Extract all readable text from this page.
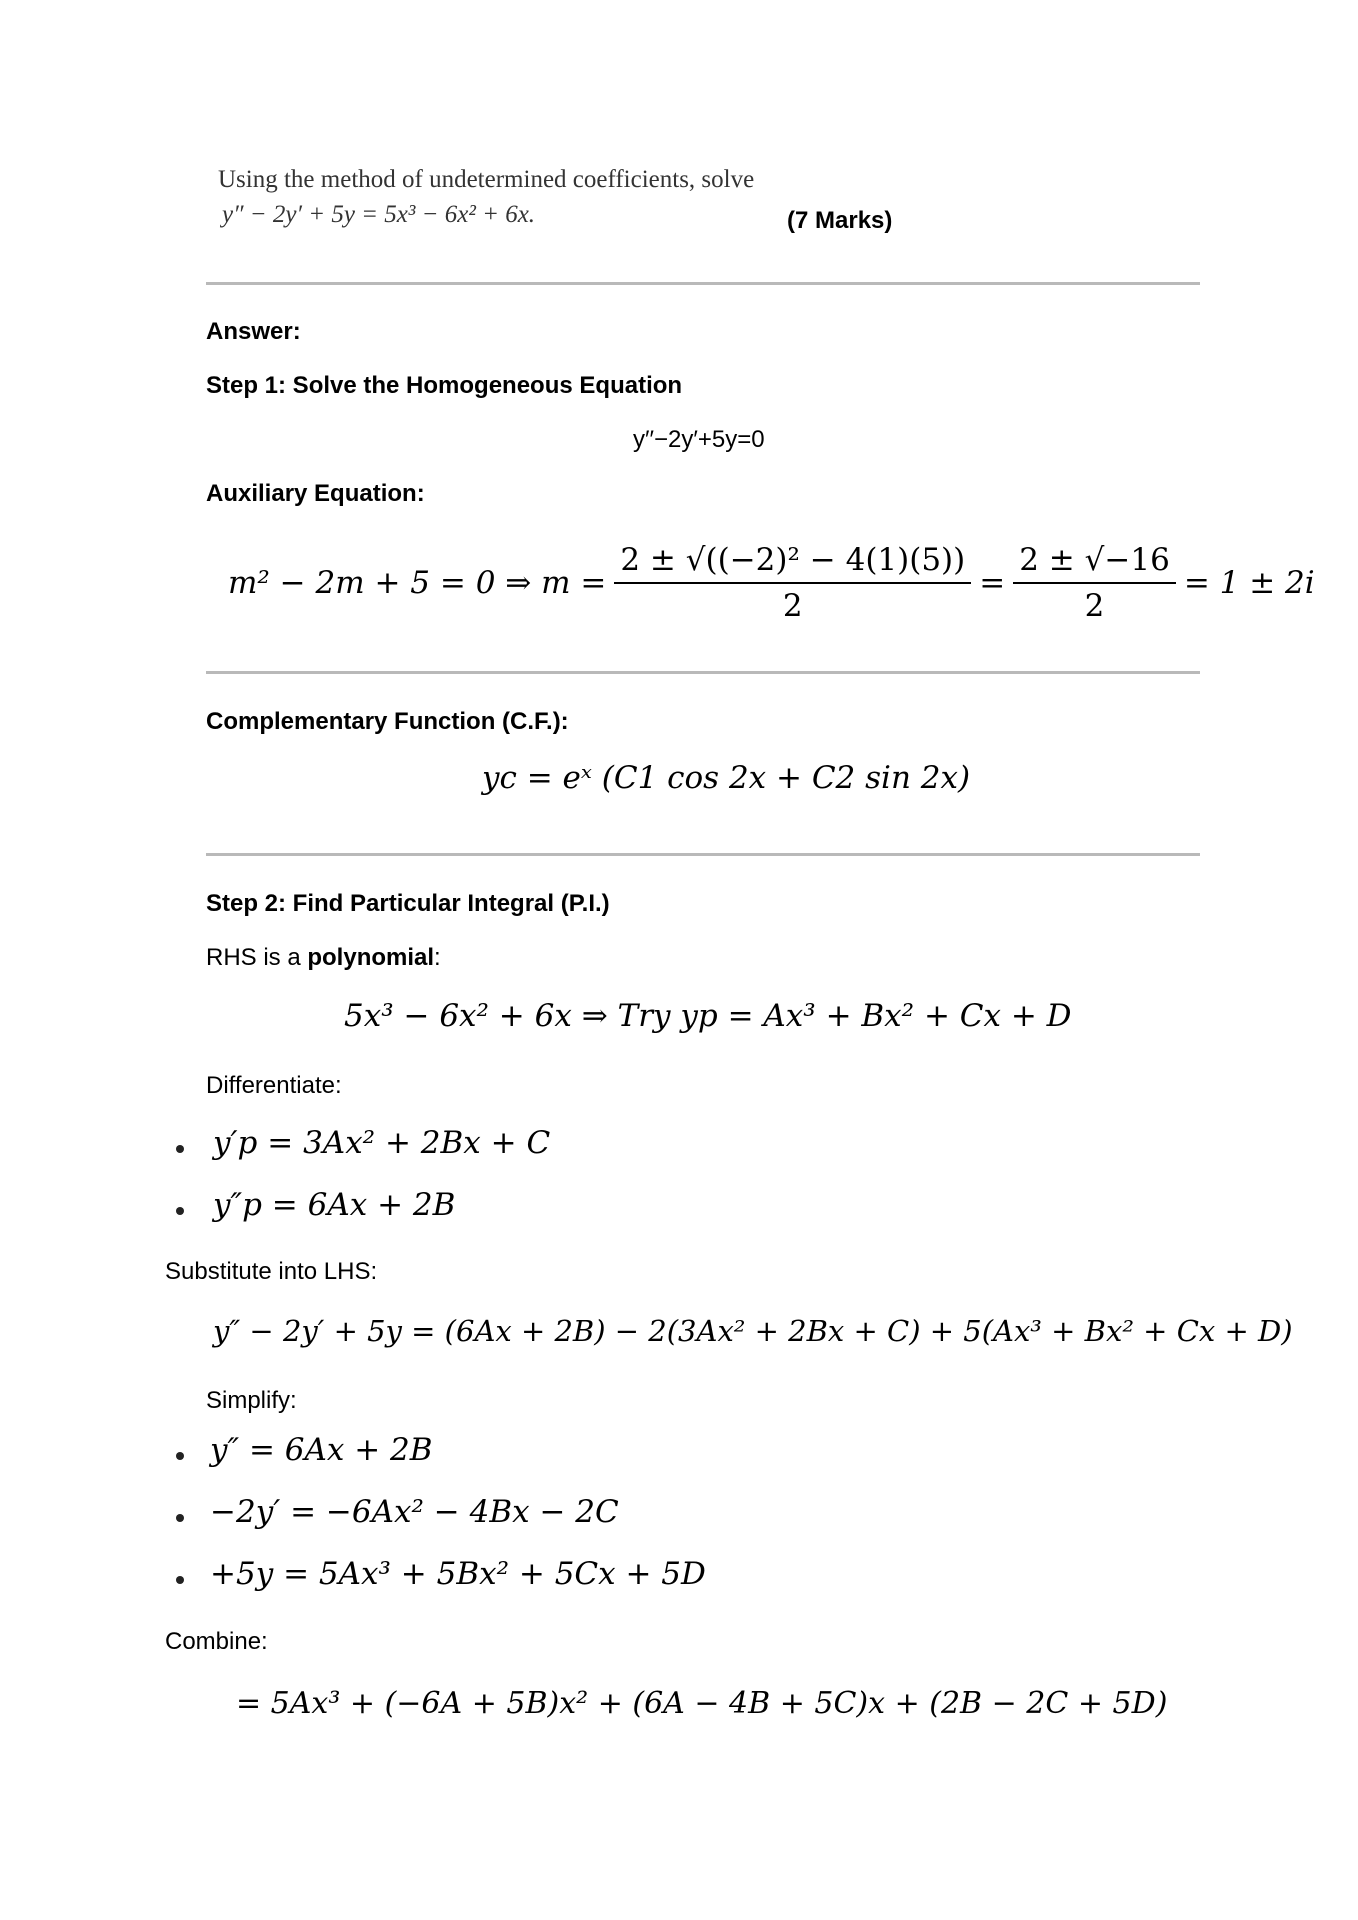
Using the method of undetermined coefficients, solve
y″ − 2y′ + 5y = 5x³ − 6x² + 6x.	(7 Marks)
Answer:
Step 1: Solve the Homogeneous Equation
y′′−2y′+5y=0
Auxiliary Equation:
m² − 2m + 5 = 0 ⇒ $m = \frac{\text{2 ± √((−2)² − 4(1)(5))}}{2} = \frac{2 \pm √-16}{2} = 1 \pm 2i$
Complementary Function (C.F.):
yc = eˣ (C1 cos 2x + C2 sin 2x)
Step 2: Find Particular Integral (P.I.)
RHS is a polynomial:
5x³ − 6x² + 6x ⇒ Try yp = Ax³ + Bx² + Cx + D
Differentiate:
y′p = 3Ax² + 2Bx + C
y″p = 6Ax + 2B
Substitute into LHS:
y″ − 2y′ + 5y = (6Ax + 2B) − 2(3Ax² + 2Bx + C) + 5(Ax³ + Bx² + Cx + D)
Simplify:
y″ = 6Ax + 2B
−2y′ = −6Ax² − 4Bx − 2C
+5y = 5Ax³ + 5Bx² + 5Cx + 5D
Combine:
= 5Ax³ + (−6A + 5B)x² + (6A − 4B + 5C)x + (2B − 2C + 5D)
